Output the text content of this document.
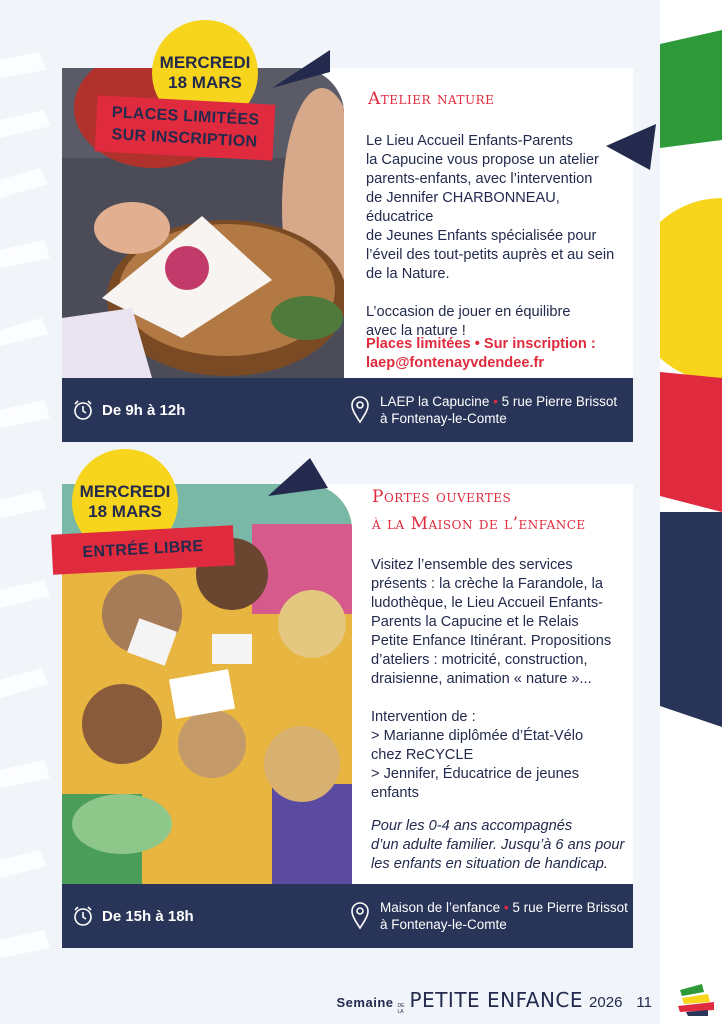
MERCREDI
18 MARS
PLACES LIMITÉES
SUR INSCRIPTION
Atelier nature
Le Lieu Accueil Enfants-Parents
la Capucine vous propose un atelier
parents-enfants, avec l’intervention
de Jennifer CHARBONNEAU, éducatrice
de Jeunes Enfants spécialisée pour
l’éveil des tout-petits auprès et au sein
de la Nature.

L’occasion de jouer en équilibre
avec la nature !
Places limitées • Sur inscription :
laep@fontenayvdendee.fr
De 9h à 12h	LAEP la Capucine • 5 rue Pierre Brissot
à Fontenay-le-Comte
MERCREDI
18 MARS
ENTRÉE LIBRE
Portes ouvertes
à la Maison de l’enfance
Visitez l’ensemble des services
présents : la crèche la Farandole, la
ludothèque, le Lieu Accueil Enfants-
Parents la Capucine et le Relais
Petite Enfance Itinérant. Propositions
d’ateliers : motricité, construction,
draisienne, animation « nature »...

Intervention de :
> Marianne diplômée d’État-Vélo
chez ReCYCLE
> Jennifer, Éducatrice de jeunes
enfants
Pour les 0-4 ans accompagnés
d’un adulte familier. Jusqu’à 6 ans pour
les enfants en situation de handicap.
De 15h à 18h	Maison de l’enfance • 5 rue Pierre Brissot
à Fontenay-le-Comte
Semaine DE
LA PETITE ENFANCE 2026 11
